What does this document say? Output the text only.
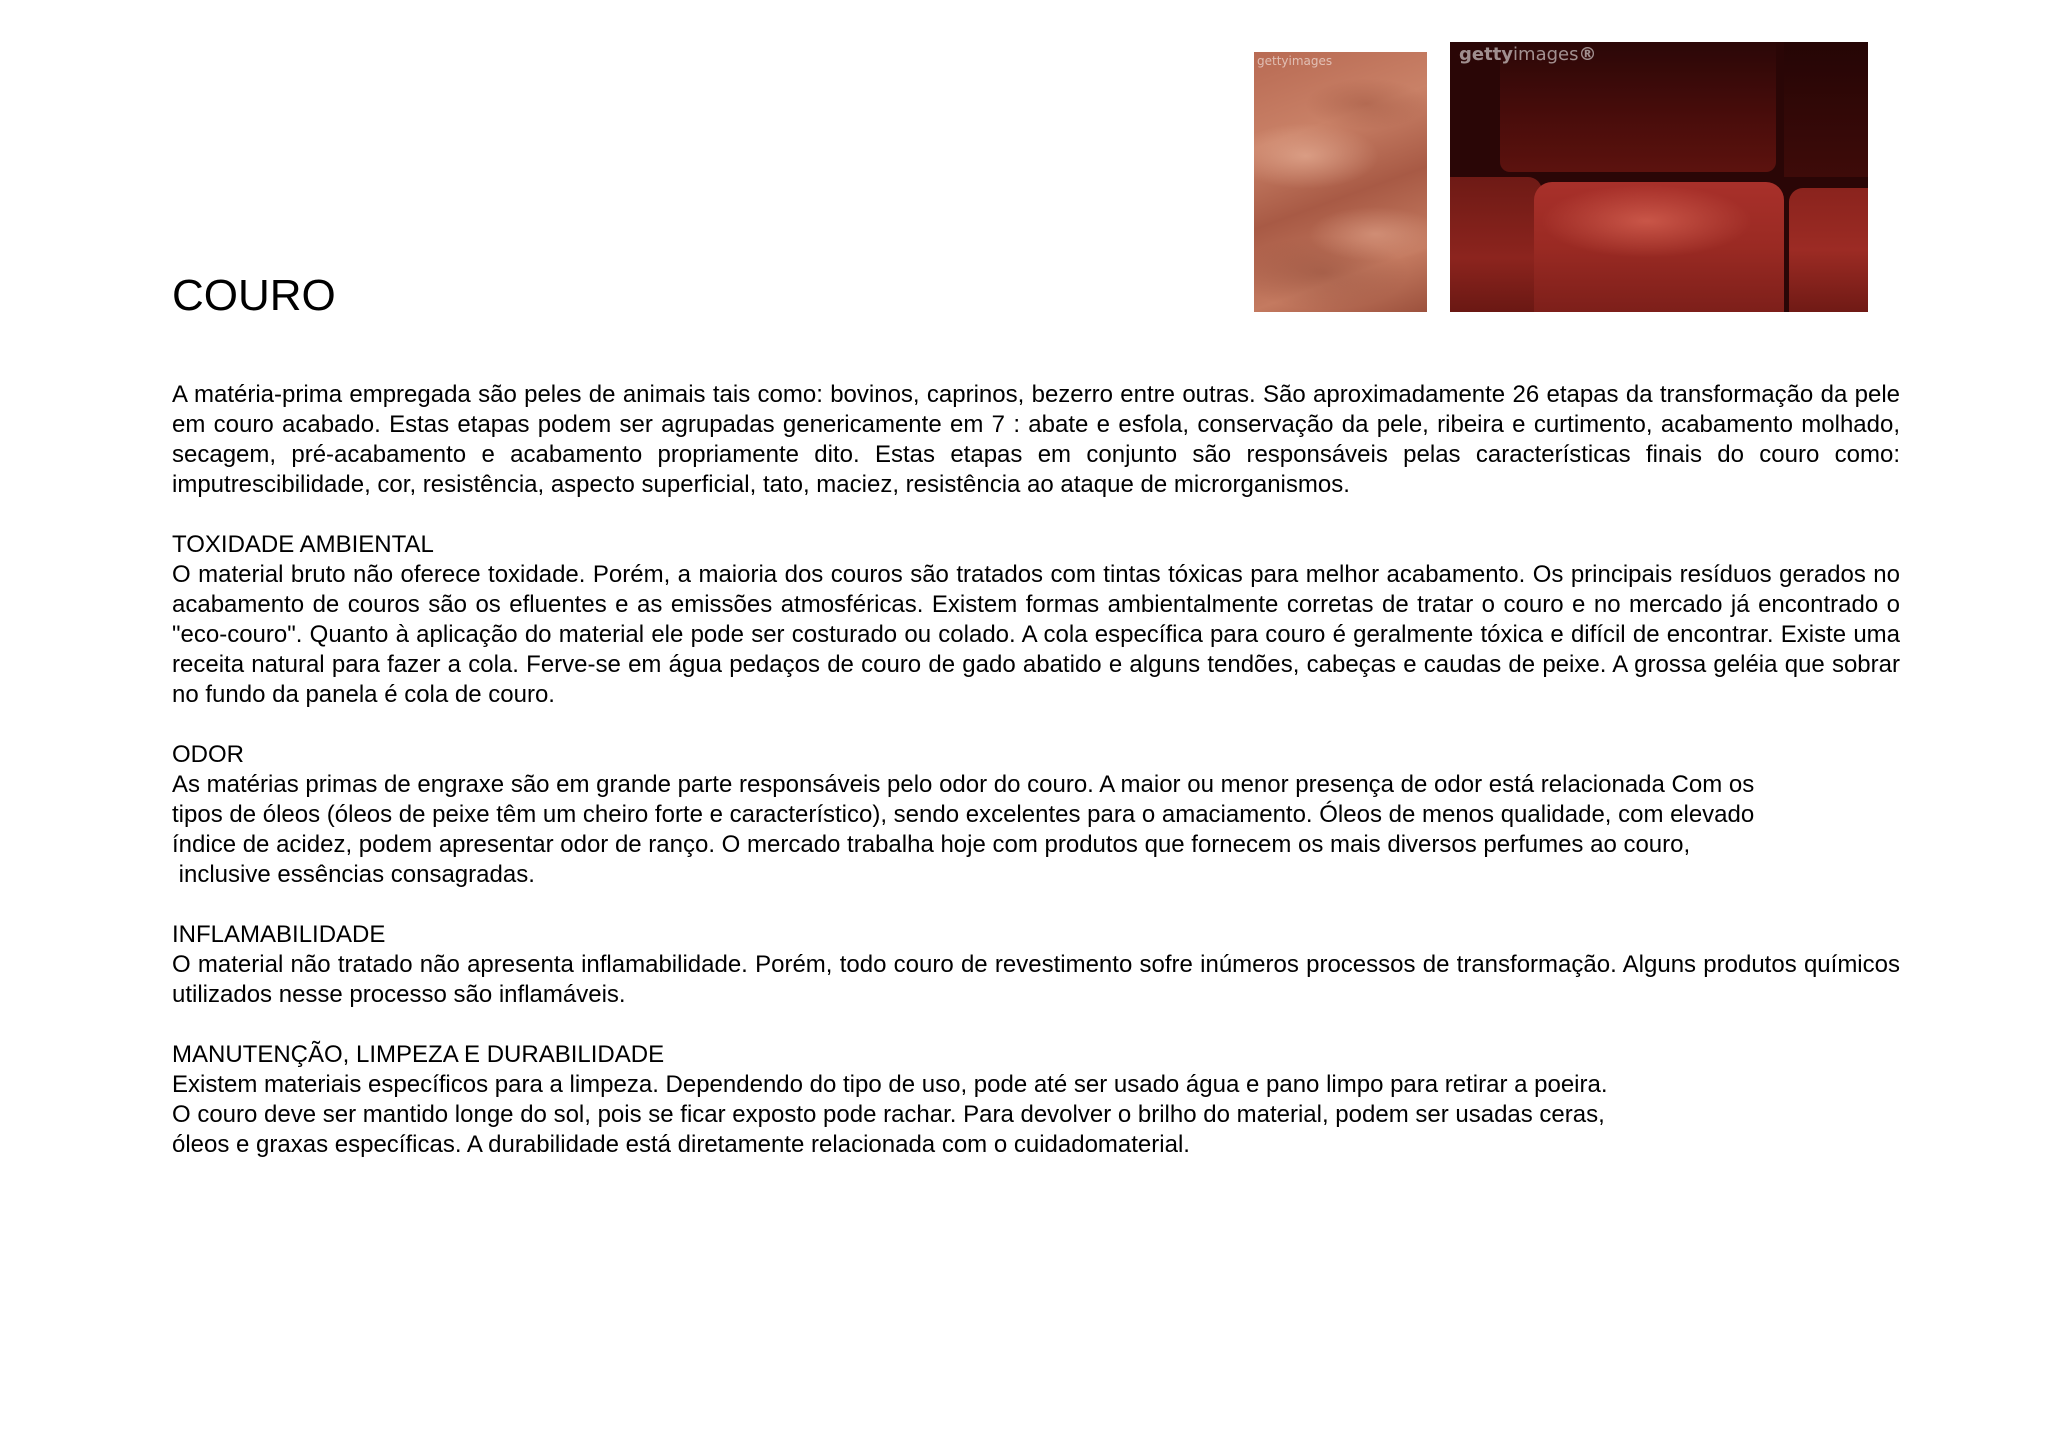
gettyimages	gettyimages®
COURO

A matéria-prima empregada são peles de animais tais como: bovinos, caprinos, bezerro entre outras. São aproximadamente 26 etapas da transformação da pele em couro acabado. Estas etapas podem ser agrupadas genericamente em 7 : abate e esfola, conservação da pele, ribeira e curtimento, acabamento molhado, secagem, pré-acabamento e acabamento propriamente dito. Estas etapas em conjunto são responsáveis pelas características finais do couro como: imputrescibilidade, cor, resistência, aspecto superficial, tato, maciez, resistência ao ataque de microrganismos.

TOXIDADE AMBIENTAL

O material bruto não oferece toxidade. Porém, a maioria dos couros são tratados com tintas tóxicas para melhor acabamento. Os principais resíduos gerados no acabamento de couros são os efluentes e as emissões atmosféricas. Existem formas ambientalmente corretas de tratar o couro e no mercado já encontrado o "eco-couro". Quanto à aplicação do material ele pode ser costurado ou colado. A cola específica para couro é geralmente tóxica e difícil de encontrar. Existe uma receita natural para fazer a cola. Ferve-se em água pedaços de couro de gado abatido e alguns tendões, cabeças e caudas de peixe. A grossa geléia que sobrar no fundo da panela é cola de couro.

ODOR

As matérias primas de engraxe são em grande parte responsáveis pelo odor do couro. A maior ou menor presença de odor está relacionada Com os
tipos de óleos (óleos de peixe têm um cheiro forte e característico), sendo excelentes para o amaciamento. Óleos de menos qualidade, com elevado
índice de acidez, podem apresentar odor de ranço. O mercado trabalha hoje com produtos que fornecem os mais diversos perfumes ao couro,
inclusive essências consagradas.

INFLAMABILIDADE

O material não tratado não apresenta inflamabilidade. Porém, todo couro de revestimento sofre inúmeros processos de transformação. Alguns produtos químicos utilizados nesse processo são inflamáveis.

MANUTENÇÃO, LIMPEZA E DURABILIDADE

Existem materiais específicos para a limpeza. Dependendo do tipo de uso, pode até ser usado água e pano limpo para retirar a poeira.
O couro deve ser mantido longe do sol, pois se ficar exposto pode rachar. Para devolver o brilho do material, podem ser usadas ceras,
óleos e graxas específicas. A durabilidade está diretamente relacionada com o cuidadomaterial.
